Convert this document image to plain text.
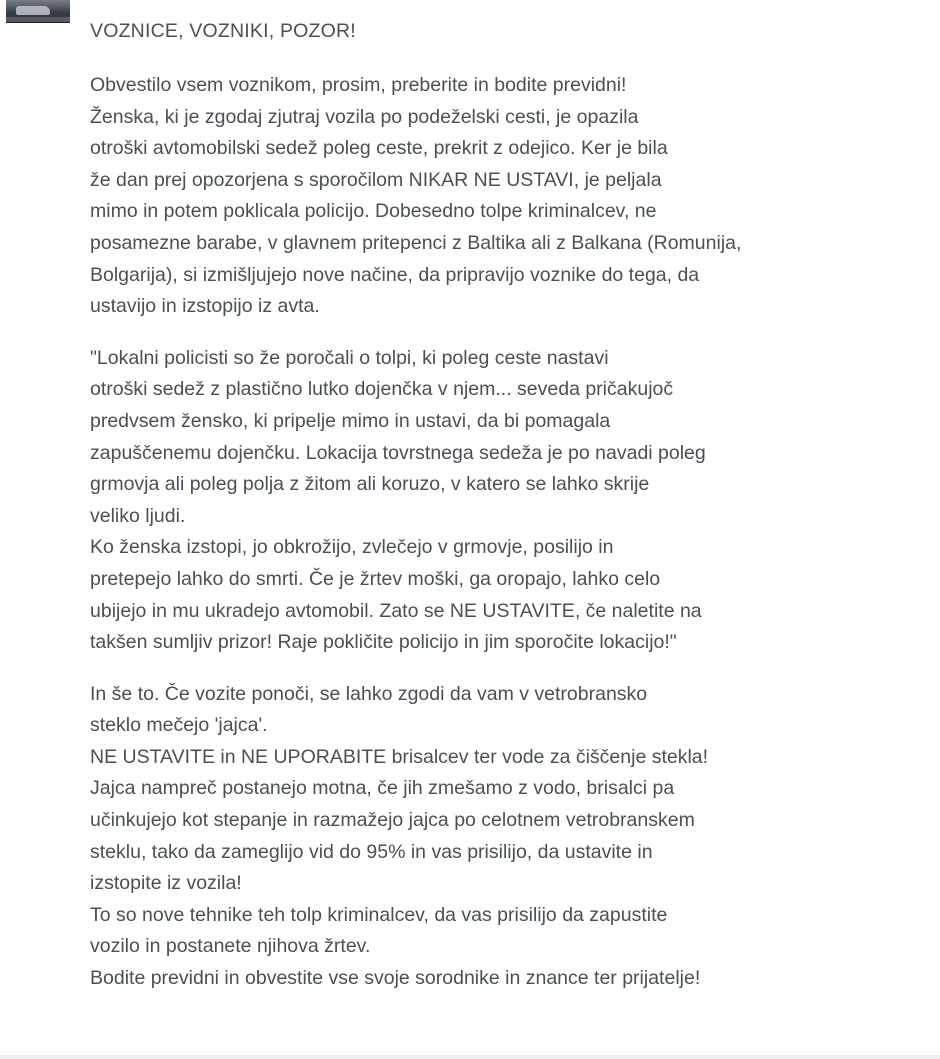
VOZNICE, VOZNIKI, POZOR!
Obvestilo vsem voznikom, prosim, preberite in bodite previdni!
Ženska, ki je zgodaj zjutraj vozila po podeželski cesti, je opazila
otroški avtomobilski sedež poleg ceste, prekrit z odejico. Ker je bila
že dan prej opozorjena s sporočilom NIKAR NE USTAVI, je peljala
mimo in potem poklicala policijo. Dobesedno tolpe kriminalcev, ne
posamezne barabe, v glavnem pritepenci z Baltika ali z Balkana (Romunija,
Bolgarija), si izmišljujejo nove načine, da pripravijo voznike do tega, da
ustavijo in izstopijo iz avta.
"Lokalni policisti so že poročali o tolpi, ki poleg ceste nastavi
otroški sedež z plastično lutko dojenčka v njem... seveda pričakujoč
predvsem žensko, ki pripelje mimo in ustavi, da bi pomagala
zapuščenemu dojenčku. Lokacija tovrstnega sedeža je po navadi poleg
grmovja ali poleg polja z žitom ali koruzo, v katero se lahko skrije
veliko ljudi.
Ko ženska izstopi, jo obkrožijo, zvlečejo v grmovje, posilijo in
pretepejo lahko do smrti. Če je žrtev moški, ga oropajo, lahko celo
ubijejo in mu ukradejo avtomobil. Zato se NE USTAVITE, če naletite na
takšen sumljiv prizor! Raje pokličite policijo in jim sporočite lokacijo!"
In še to. Če vozite ponoči, se lahko zgodi da vam v vetrobransko
steklo mečejo 'jajca'.
NE USTAVITE in NE UPORABITE brisalcev ter vode za čiščenje stekla!
Jajca nampreč postanejo motna, če jih zmešamo z vodo, brisalci pa
učinkujejo kot stepanje in razmažejo jajca po celotnem vetrobranskem
steklu, tako da zameglijo vid do 95% in vas prisilijo, da ustavite in
izstopite iz vozila!
To so nove tehnike teh tolp kriminalcev, da vas prisilijo da zapustite
vozilo in postanete njihova žrtev.
Bodite previdni in obvestite vse svoje sorodnike in znance ter prijatelje!
